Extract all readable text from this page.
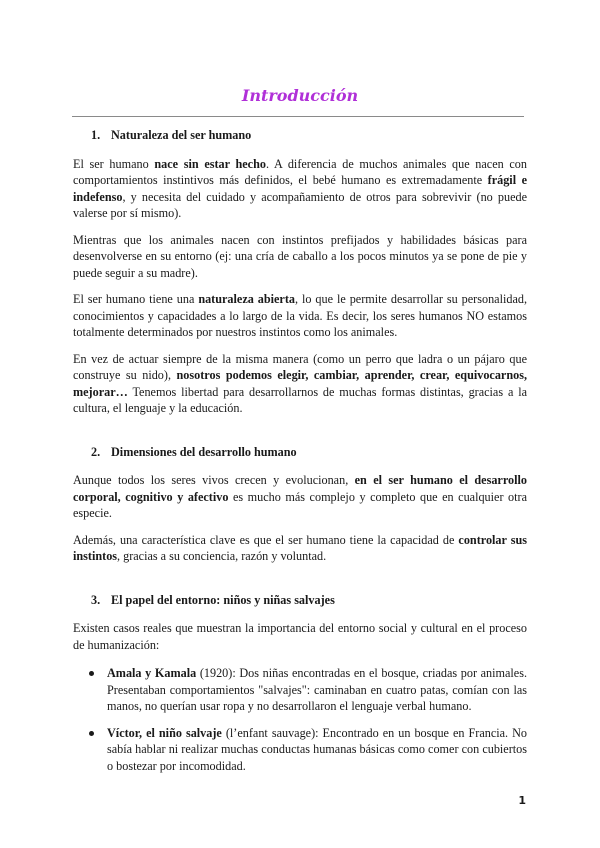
Introducción
1. Naturaleza del ser humano

El ser humano nace sin estar hecho. A diferencia de muchos animales que nacen con comportamientos instintivos más definidos, el bebé humano es extremadamente frágil e indefenso, y necesita del cuidado y acompañamiento de otros para sobrevivir (no puede valerse por sí mismo).

Mientras que los animales nacen con instintos prefijados y habilidades básicas para desenvolverse en su entorno (ej: una cría de caballo a los pocos minutos ya se pone de pie y puede seguir a su madre).

El ser humano tiene una naturaleza abierta, lo que le permite desarrollar su personalidad, conocimientos y capacidades a lo largo de la vida. Es decir, los seres humanos NO estamos totalmente determinados por nuestros instintos como los animales.

En vez de actuar siempre de la misma manera (como un perro que ladra o un pájaro que construye su nido), nosotros podemos elegir, cambiar, aprender, crear, equivocarnos, mejorar… Tenemos libertad para desarrollarnos de muchas formas distintas, gracias a la cultura, el lenguaje y la educación.

2. Dimensiones del desarrollo humano

Aunque todos los seres vivos crecen y evolucionan, en el ser humano el desarrollo corporal, cognitivo y afectivo es mucho más complejo y completo que en cualquier otra especie.

Además, una característica clave es que el ser humano tiene la capacidad de controlar sus instintos, gracias a su conciencia, razón y voluntad.

3. El papel del entorno: niños y niñas salvajes

Existen casos reales que muestran la importancia del entorno social y cultural en el proceso de humanización:

Amala y Kamala (1920): Dos niñas encontradas en el bosque, criadas por animales. Presentaban comportamientos "salvajes": caminaban en cuatro patas, comían con las manos, no querían usar ropa y no desarrollaron el lenguaje verbal humano.
Víctor, el niño salvaje (l’enfant sauvage): Encontrado en un bosque en Francia. No sabía hablar ni realizar muchas conductas humanas básicas como comer con cubiertos o bostezar por incomodidad.
1
